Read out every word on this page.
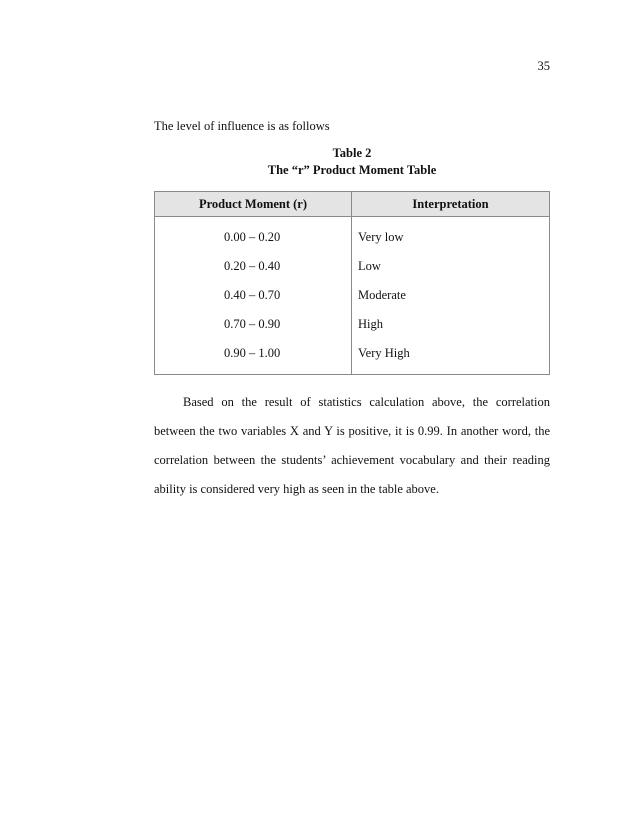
35
The level of influence is as follows
Table 2
The “r” Product Moment Table
Product Moment (r)	Interpretation
0.00 – 0.20	Very low
0.20 – 0.40	Low
0.40 – 0.70	Moderate
0.70 – 0.90	High
0.90 – 1.00	Very High

Based on the result of statistics calculation above, the correlation between the two variables X and Y is positive, it is 0.99. In another word, the correlation between the students’ achievement vocabulary and their reading ability is considered very high as seen in the table above.
